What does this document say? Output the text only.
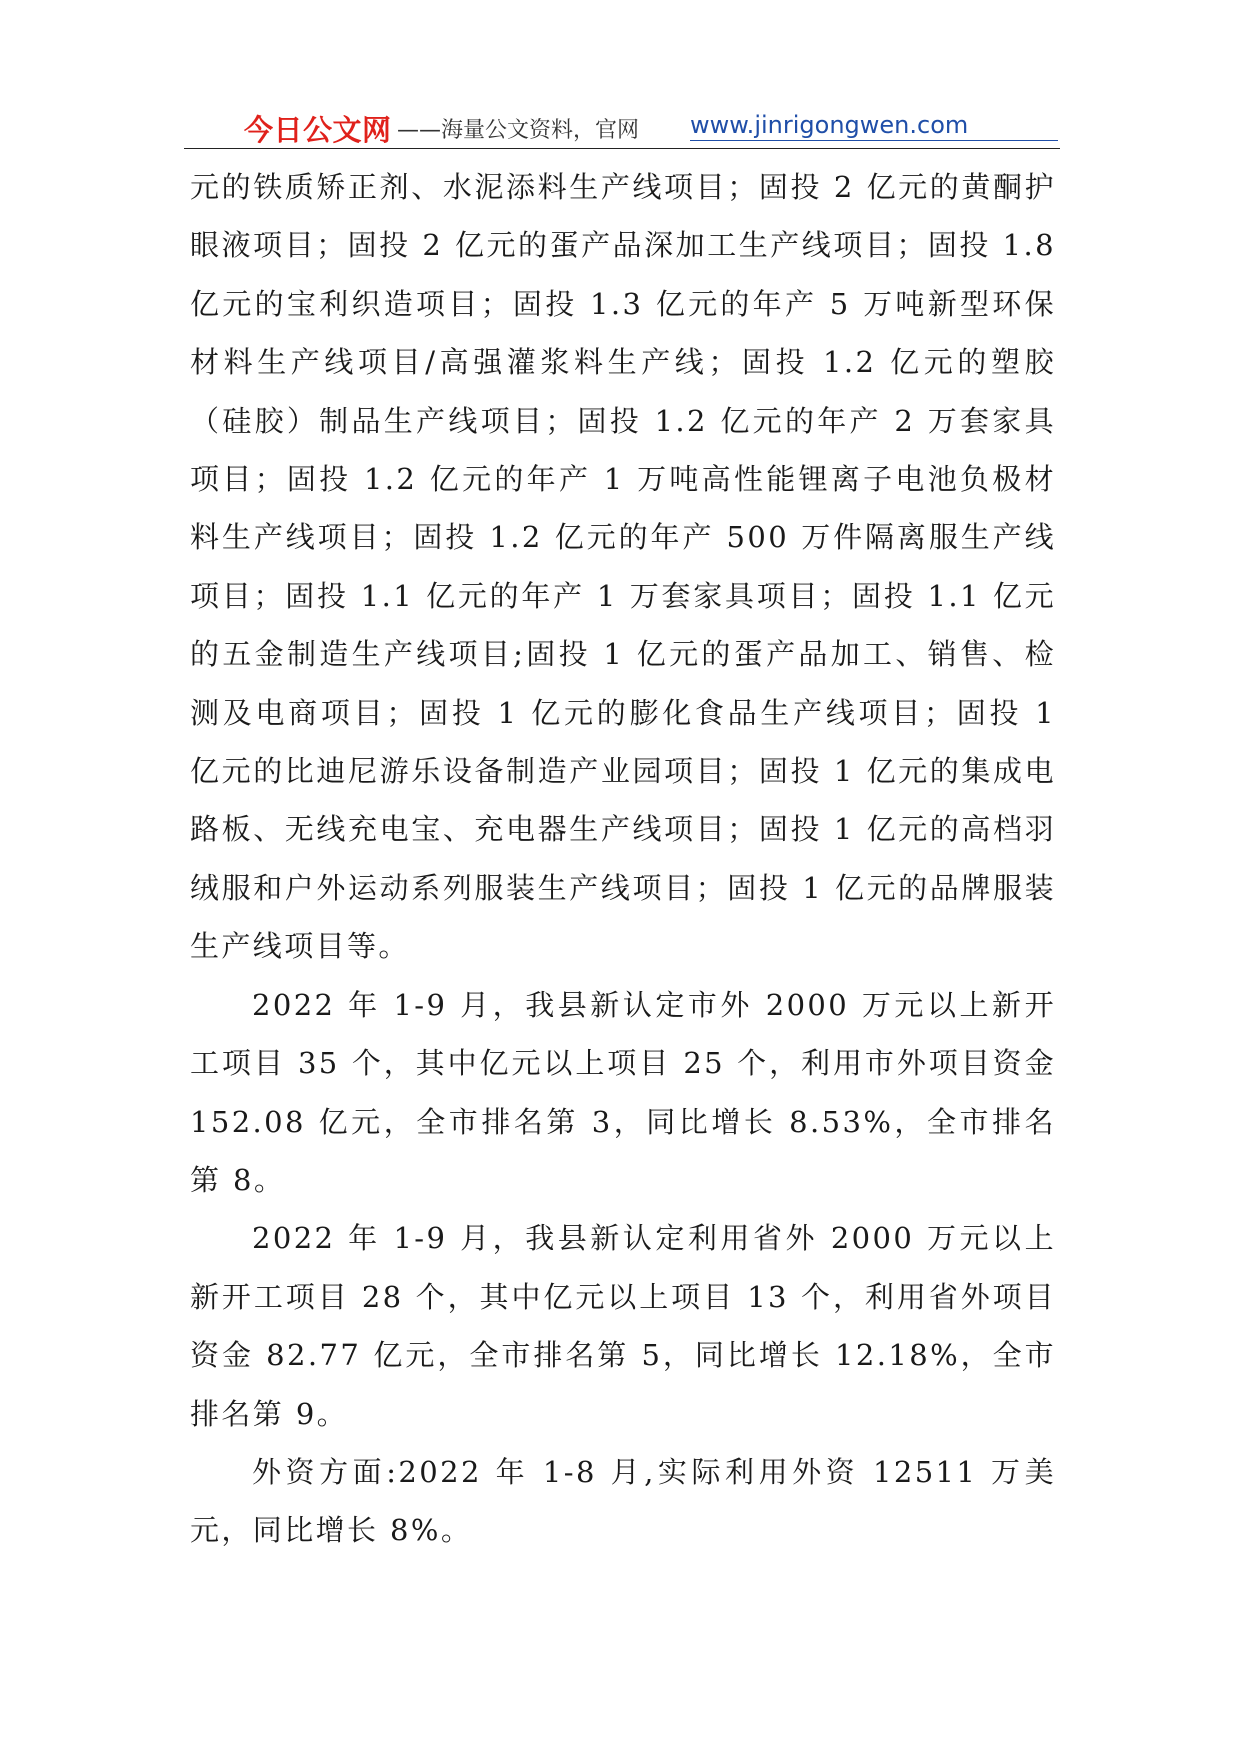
今日公文网 ——海量公文资料，官网 www.jinrigongwen.com

元的铁质矫正剂、水泥添料生产线项目；固投 2 亿元的黄酮护眼液项目；固投 2 亿元的蛋产品深加工生产线项目；固投 1.8 亿元的宝利织造项目；固投 1.3 亿元的年产 5 万吨新型环保材料生产线项目/高强灌浆料生产线；固投 1.2 亿元的塑胶（硅胶）制品生产线项目；固投 1.2 亿元的年产 2 万套家具项目；固投 1.2 亿元的年产 1 万吨高性能锂离子电池负极材料生产线项目；固投 1.2 亿元的年产 500 万件隔离服生产线项目；固投 1.1 亿元的年产 1 万套家具项目；固投 1.1 亿元的五金制造生产线项目;固投 1 亿元的蛋产品加工、销售、检测及电商项目；固投 1 亿元的膨化食品生产线项目；固投 1 亿元的比迪尼游乐设备制造产业园项目；固投 1 亿元的集成电路板、无线充电宝、充电器生产线项目；固投 1 亿元的高档羽绒服和户外运动系列服装生产线项目；固投 1 亿元的品牌服装生产线项目等。

2022 年 1-9 月，我县新认定市外 2000 万元以上新开工项目 35 个，其中亿元以上项目 25 个，利用市外项目资金 152.08 亿元，全市排名第 3，同比增长 8.53%，全市排名第 8。

2022 年 1-9 月，我县新认定利用省外 2000 万元以上新开工项目 28 个，其中亿元以上项目 13 个，利用省外项目资金 82.77 亿元，全市排名第 5，同比增长 12.18%，全市排名第 9。

外资方面:2022 年 1-8 月,实际利用外资 12511 万美元，同比增长 8%。
